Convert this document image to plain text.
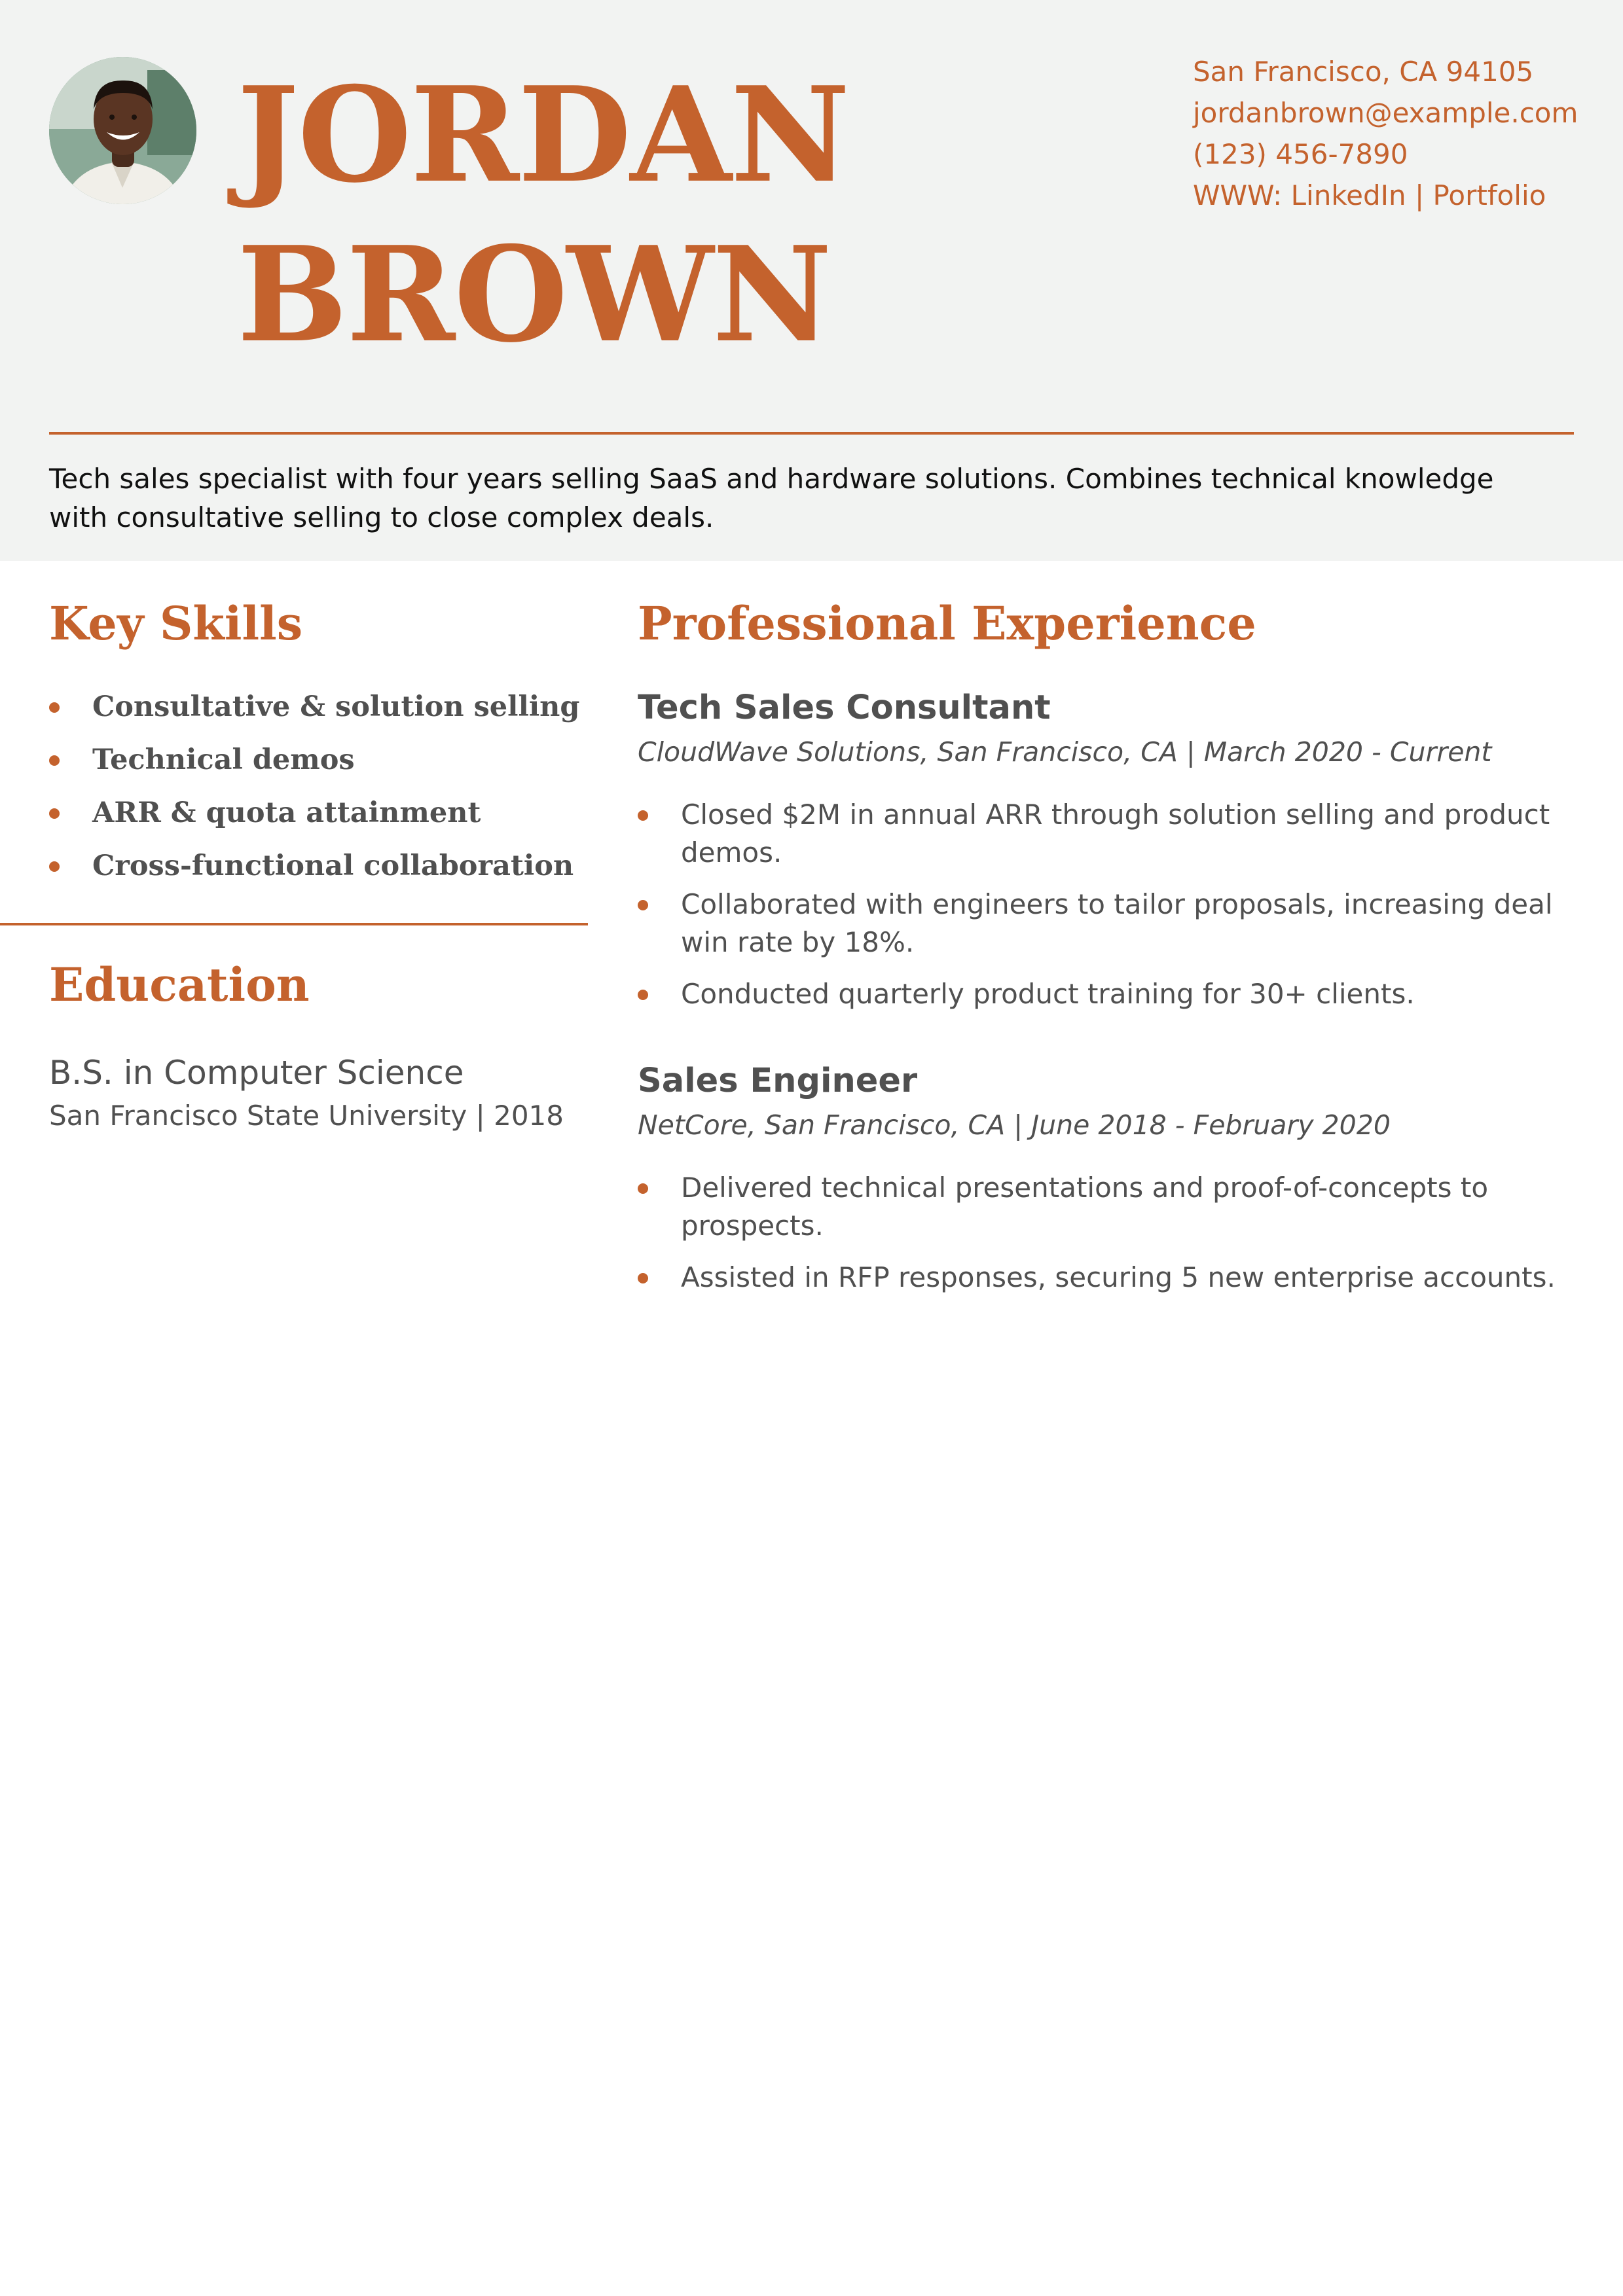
JORDAN
BROWN
San Francisco, CA 94105
jordanbrown@example.com
(123) 456-7890
WWW: LinkedIn | Portfolio

Tech sales specialist with four years selling SaaS and hardware solutions. Combines technical knowledge with consultative selling to close complex deals.

Key Skills
Consultative & solution selling
Technical demos
ARR & quota attainment
Cross-functional collaboration
Education

B.S. in Computer Science

San Francisco State University | 2018

Professional Experience

Tech Sales Consultant

CloudWave Solutions, San Francisco, CA | March 2020 - Current

Closed $2M in annual ARR through solution selling and product demos.
Collaborated with engineers to tailor proposals, increasing deal win rate by 18%.
Conducted quarterly product training for 30+ clients.

Sales Engineer

NetCore, San Francisco, CA | June 2018 - February 2020

Delivered technical presentations and proof-of-concepts to prospects.
Assisted in RFP responses, securing 5 new enterprise accounts.
